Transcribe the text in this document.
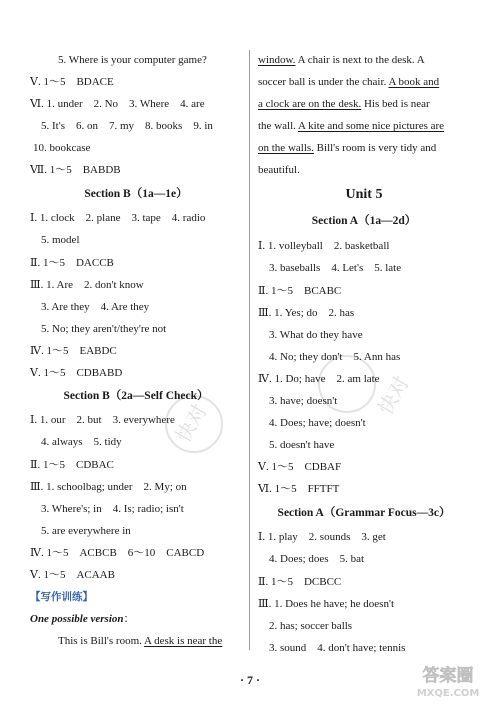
快对
快对
5. Where is your computer game?
Ⅴ. 1～5　BDACE
Ⅵ. 1. under　2. No　3. Where　4. are
5. It's　6. on　7. my　8. books　9. in
10. bookcase
Ⅶ. 1～5　BABDB
Section B（1a—1e）
Ⅰ. 1. clock　2. plane　3. tape　4. radio
5. model
Ⅱ. 1～5　DACCB
Ⅲ. 1. Are　2. don't know
3. Are they　4. Are they
5. No; they aren't/they're not
Ⅳ. 1～5　EABDC
Ⅴ. 1～5　CDBABD
Section B（2a—Self Check）
Ⅰ. 1. our　2. but　3. everywhere
4. always　5. tidy
Ⅱ. 1～5　CDBAC
Ⅲ. 1. schoolbag; under　2. My; on
3. Where's; in　4. Is; radio; isn't
5. are everywhere in
Ⅳ. 1～5　ACBCB　6～10　CABCD
Ⅴ. 1～5　ACAAB
【写作训练】
One possible version：
This is Bill's room. A desk is near the
window. A chair is next to the desk. A
soccer ball is under the chair. A book and
a clock are on the desk. His bed is near
the wall. A kite and some nice pictures are
on the walls. Bill's room is very tidy and
beautiful.
Unit 5
Section A（1a—2d）
Ⅰ. 1. volleyball　2. basketball
3. baseballs　4. Let's　5. late
Ⅱ. 1～5　BCABC
Ⅲ. 1. Yes; do　2. has
3. What do they have
4. No; they don't　5. Ann has
Ⅳ. 1. Do; have　2. am late
3. have; doesn't
4. Does; have; doesn't
5. doesn't have
Ⅴ. 1～5　CDBAF
Ⅵ. 1～5　FFTFT
Section A（Grammar Focus—3c）
Ⅰ. 1. play　2. sounds　3. get
4. Does; does　5. bat
Ⅱ. 1～5　DCBCC
Ⅲ. 1. Does he have; he doesn't
2. has; soccer balls
3. sound　4. don't have; tennis
· 7 ·	答案圈
MXQE.COM
